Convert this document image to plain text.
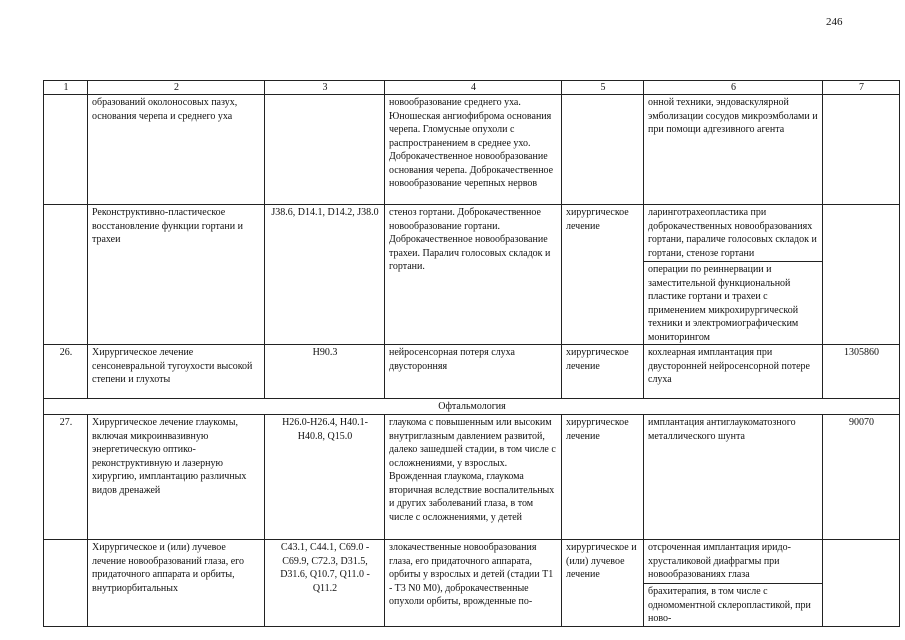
246
1	2	3	4	5	6	7
	образований околоносовых пазух, основания черепа и среднего уха		новообразование среднего уха. Юношеская ангиофиброма основания черепа. Гломусные опухоли с распространением в среднее ухо. Доброкачественное новообразование основания черепа. Доброкачественное новообразование черепных нервов		онной техники, эндоваскулярной эмболизации сосудов микроэмболами и при помощи адгезивного агента	
	Реконструктивно-пластическое восстановление функции гортани и трахеи	J38.6, D14.1, D14.2, J38.0	стеноз гортани. Доброкачественное новообразование гортани. Доброкачественное новообразование трахеи. Паралич голосовых складок и гортани.	хирургическое лечение	ларинготрахеопластика при доброкачественных новообразованиях гортани, параличе голосовых складок и гортани, стенозе гортани	
					операции по реиннервации и заместительной функциональной пластике гортани и трахеи с применением микрохирургической техники и электромиографическим мониторингом	
26.	Хирургическое лечение сенсоневральной тугоухости высокой степени и глухоты	H90.3	нейросенсорная потеря слуха двусторонняя	хирургическое лечение	кохлеарная имплантация при двусторонней нейросенсорной потере слуха	1305860
Офтальмология						
27.	Хирургическое лечение глаукомы, включая микроинвазивную энергетическую оптико-реконструктивную и лазерную хирургию, имплантацию различных видов дренажей	H26.0-H26.4, H40.1-H40.8, Q15.0	глаукома с повышенным или высоким внутриглазным давлением развитой, далеко зашедшей стадии, в том числе с осложнениями, у взрослых. Врожденная глаукома, глаукома вторичная вследствие воспалительных и других заболеваний глаза, в том числе с осложнениями, у детей	хирургическое лечение	имплантация антиглаукоматозного металлического шунта	90070
	Хирургическое и (или) лучевое лечение новообразований глаза, его придаточного аппарата и орбиты, внутриорбитальных	C43.1, C44.1, C69.0 - C69.9, C72.3, D31.5, D31.6, Q10.7, Q11.0 - Q11.2	злокачественные новообразования глаза, его придаточного аппарата, орбиты у взрослых и детей (стадии T1 - T3 N0 M0), доброкачественные опухоли орбиты, врожденные по-	хирургическое и (или) лучевое лечение	отсроченная имплантация иридо-хрусталиковой диафрагмы при новообразованиях глаза	
					брахитерапия, в том числе с одномоментной склеропластикой, при ново-	
